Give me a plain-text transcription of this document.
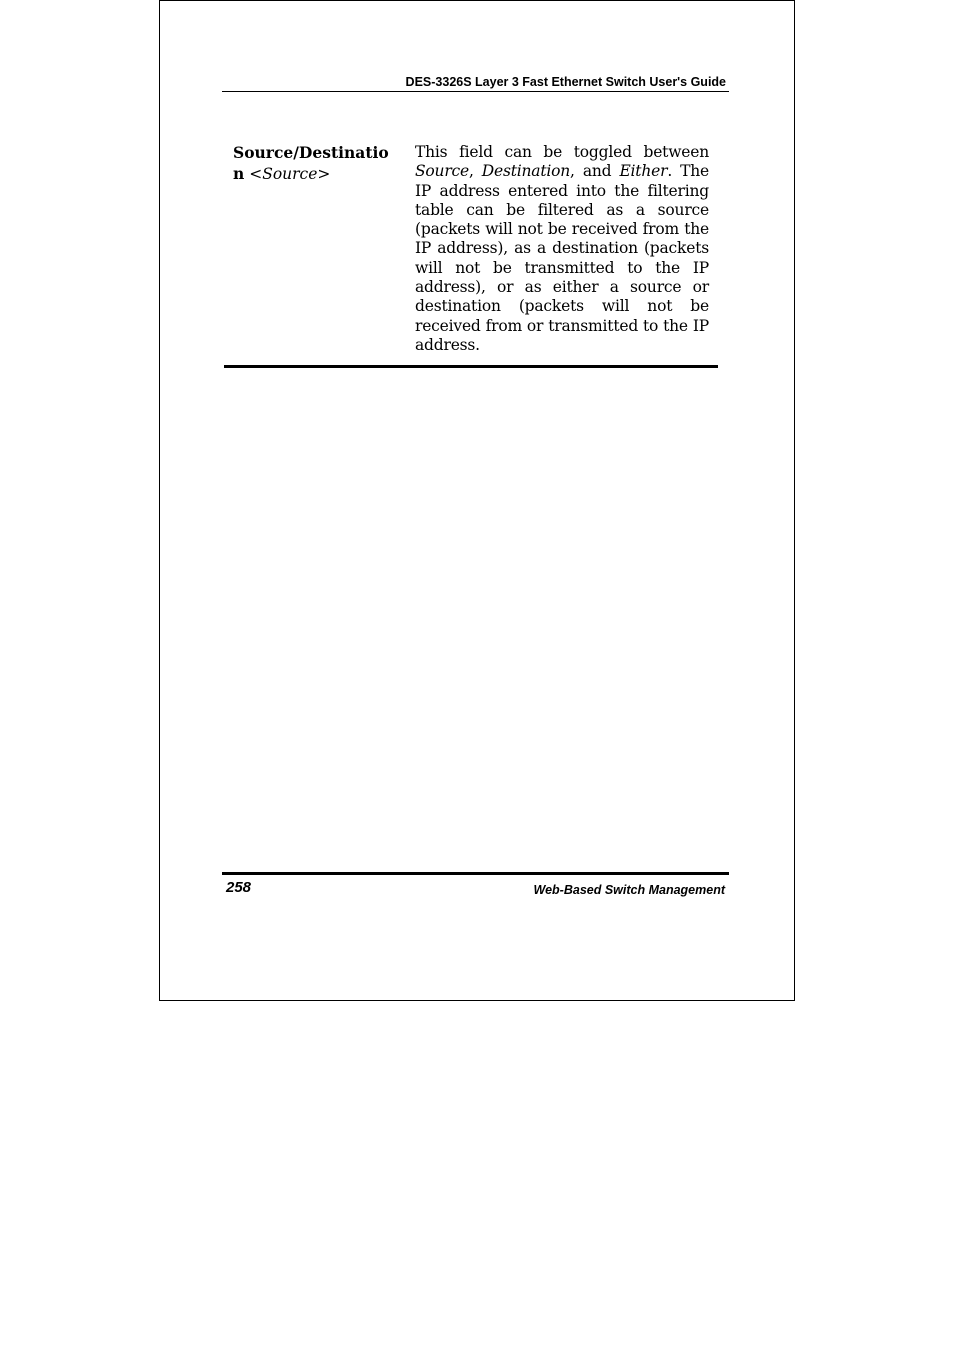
DES-3326S Layer 3 Fast Ethernet Switch User's Guide
Source/Destinatio
n <Source>
This field can be toggled between Source, Destination, and Either. The IP address entered into the filtering table can be filtered as a source (packets will not be received from the IP address), as a destination (packets will not be transmitted to the IP address), or as either a source or destination (packets will not be received from or transmitted to the IP address.
258	Web-Based Switch Management
